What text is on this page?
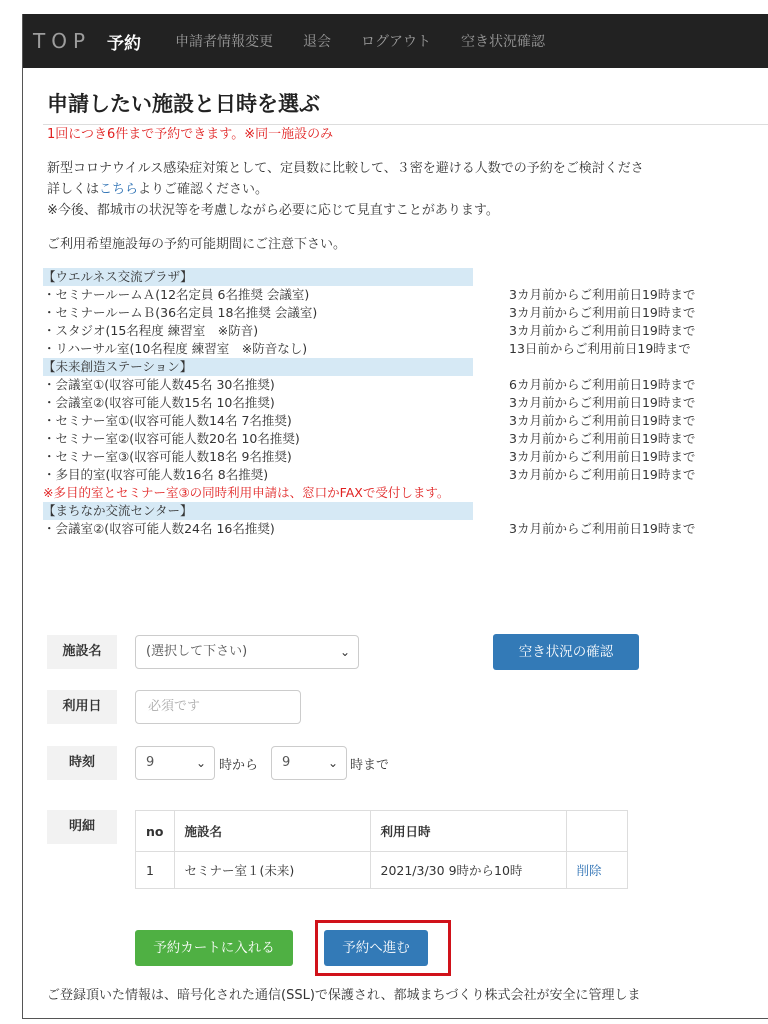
TOP 予約 申請者情報変更 退会 ログアウト 空き状況確認
申請したい施設と日時を選ぶ
1回につき6件まで予約できます。※同一施設のみ
新型コロナウイルス感染症対策として、定員数に比較して、３密を避ける人数での予約をご検討くださ
詳しくはこちらよりご確認ください。
※今後、都城市の状況等を考慮しながら必要に応じて見直すことがあります。
ご利用希望施設毎の予約可能期間にご注意下さい。
【ウエルネス交流プラザ】
・セミナールームＡ(12名定員 6名推奨 会議室)	3カ月前からご利用前日19時まで
・セミナールームＢ(36名定員 18名推奨 会議室)	3カ月前からご利用前日19時まで
・スタジオ(15名程度 練習室　※防音)	3カ月前からご利用前日19時まで
・リハーサル室(10名程度 練習室　※防音なし)	13日前からご利用前日19時まで
【未来創造ステーション】
・会議室①(収容可能人数45名 30名推奨)	6カ月前からご利用前日19時まで
・会議室②(収容可能人数15名 10名推奨)	3カ月前からご利用前日19時まで
・セミナー室①(収容可能人数14名 7名推奨)	3カ月前からご利用前日19時まで
・セミナー室②(収容可能人数20名 10名推奨)	3カ月前からご利用前日19時まで
・セミナー室③(収容可能人数18名 9名推奨)	3カ月前からご利用前日19時まで
・多目的室(収容可能人数16名 8名推奨)	3カ月前からご利用前日19時まで
※多目的室とセミナー室③の同時利用申請は、窓口かFAXで受付します。
【まちなか交流センター】
・会議室②(収容可能人数24名 16名推奨)	3カ月前からご利用前日19時まで
施設名	(選択して下さい)	⌄	空き状況の確認
利用日	必須です
時刻	9	⌄ 時から	9	⌄ 時まで
明細	no	施設名	利用日時	
1	セミナー室１(未来)	2021/3/30 9時から10時	削除
予約カートに入れる	予約へ進む
ご登録頂いた情報は、暗号化された通信(SSL)で保護され、都城まちづくり株式会社が安全に管理しま
